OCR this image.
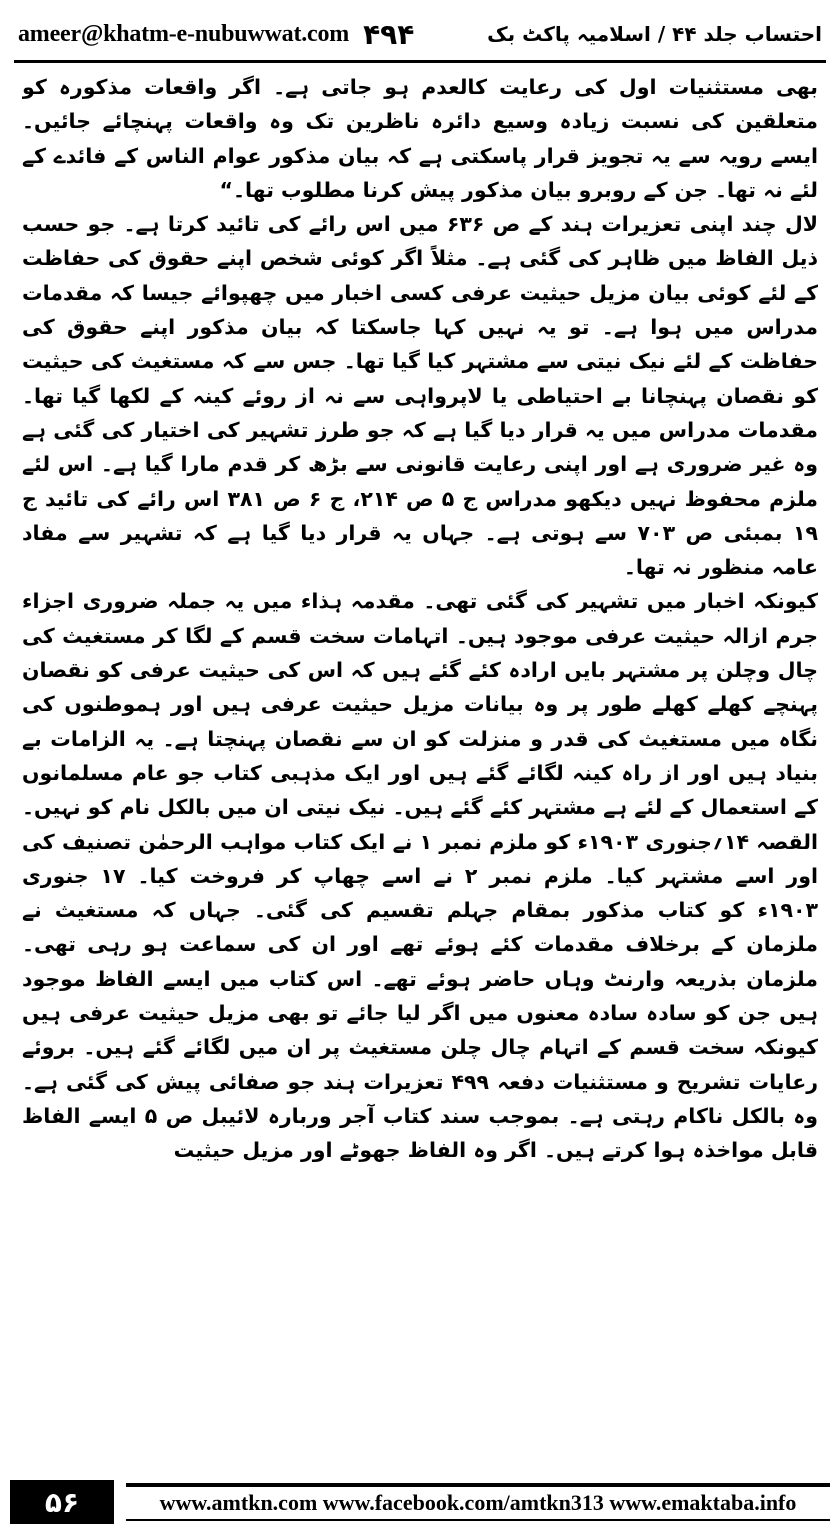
ameer@khatm-e-nubuwwat.com ۴۹۴	احتساب جلد ۴۴ / اسلامیہ پاکٹ بک

بھی مستثنیات اول کی رعایت کالعدم ہو جاتی ہے۔ اگر واقعات مذکورہ کو متعلقین کی نسبت زیادہ وسیع دائرہ ناظرین تک وہ واقعات پہنچائے جائیں۔ ایسے رویہ سے یہ تجویز قرار پاسکتی ہے کہ بیان مذکور عوام الناس کے فائدے کے لئے نہ تھا۔ جن کے روبرو بیان مذکور پیش کرنا مطلوب تھا۔“

لال چند اپنی تعزیرات ہند کے ص ۶۳۶ میں اس رائے کی تائید کرتا ہے۔ جو حسب ذیل الفاظ میں ظاہر کی گئی ہے۔ مثلاً اگر کوئی شخص اپنے حقوق کی حفاظت کے لئے کوئی بیان مزیل حیثیت عرفی کسی اخبار میں چھپوائے جیسا کہ مقدمات مدراس میں ہوا ہے۔ تو یہ نہیں کہا جاسکتا کہ بیان مذکور اپنے حقوق کی حفاظت کے لئے نیک نیتی سے مشتہر کیا گیا تھا۔ جس سے کہ مستغیث کی حیثیت کو نقصان پہنچانا بے احتیاطی یا لاپرواہی سے نہ از روئے کینہ کے لکھا گیا تھا۔ مقدمات مدراس میں یہ قرار دیا گیا ہے کہ جو طرز تشہیر کی اختیار کی گئی ہے وہ غیر ضروری ہے اور اپنی رعایت قانونی سے بڑھ کر قدم مارا گیا ہے۔ اس لئے ملزم محفوظ نہیں دیکھو مدراس ج ۵ ص ۲۱۴، ج ۶ ص ۳۸۱ اس رائے کی تائید ج ۱۹ بمبئی ص ۷۰۳ سے ہوتی ہے۔ جہاں یہ قرار دیا گیا ہے کہ تشہیر سے مفاد عامہ منظور نہ تھا۔

کیونکہ اخبار میں تشہیر کی گئی تھی۔ مقدمہ ہذاء میں یہ جملہ ضروری اجزاء جرم ازالہ حیثیت عرفی موجود ہیں۔ اتہامات سخت قسم کے لگا کر مستغیث کی چال وچلن پر مشتہر بایں ارادہ کئے گئے ہیں کہ اس کی حیثیت عرفی کو نقصان پہنچے کھلے کھلے طور پر وہ بیانات مزیل حیثیت عرفی ہیں اور ہموطنوں کی نگاہ میں مستغیث کی قدر و منزلت کو ان سے نقصان پہنچتا ہے۔ یہ الزامات بے بنیاد ہیں اور از راہ کینہ لگائے گئے ہیں اور ایک مذہبی کتاب جو عام مسلمانوں کے استعمال کے لئے ہے مشتہر کئے گئے ہیں۔ نیک نیتی ان میں بالکل نام کو نہیں۔

القصہ ۱۴؍جنوری ۱۹۰۳ء کو ملزم نمبر ۱ نے ایک کتاب مواہب الرحمٰن تصنیف کی اور اسے مشتہر کیا۔ ملزم نمبر ۲ نے اسے چھاپ کر فروخت کیا۔ ۱۷ جنوری ۱۹۰۳ء کو کتاب مذکور بمقام جہلم تقسیم کی گئی۔ جہاں کہ مستغیث نے ملزمان کے برخلاف مقدمات کئے ہوئے تھے اور ان کی سماعت ہو رہی تھی۔ ملزمان بذریعہ وارنٹ وہاں حاضر ہوئے تھے۔ اس کتاب میں ایسے الفاظ موجود ہیں جن کو سادہ سادہ معنوں میں اگر لیا جائے تو بھی مزیل حیثیت عرفی ہیں کیونکہ سخت قسم کے اتہام چال چلن مستغیث پر ان میں لگائے گئے ہیں۔ بروئے رعایات تشریح و مستثنیات دفعہ ۴۹۹ تعزیرات ہند جو صفائی پیش کی گئی ہے۔ وہ بالکل ناکام رہتی ہے۔ بموجب سند کتاب آجر وربارہ لائیبل ص ۵ ایسے الفاظ قابل مواخذہ ہوا کرتے ہیں۔ اگر وہ الفاظ جھوٹے اور مزیل حیثیت

۵۶	www.amtkn.com www.facebook.com/amtkn313 www.emaktaba.info
